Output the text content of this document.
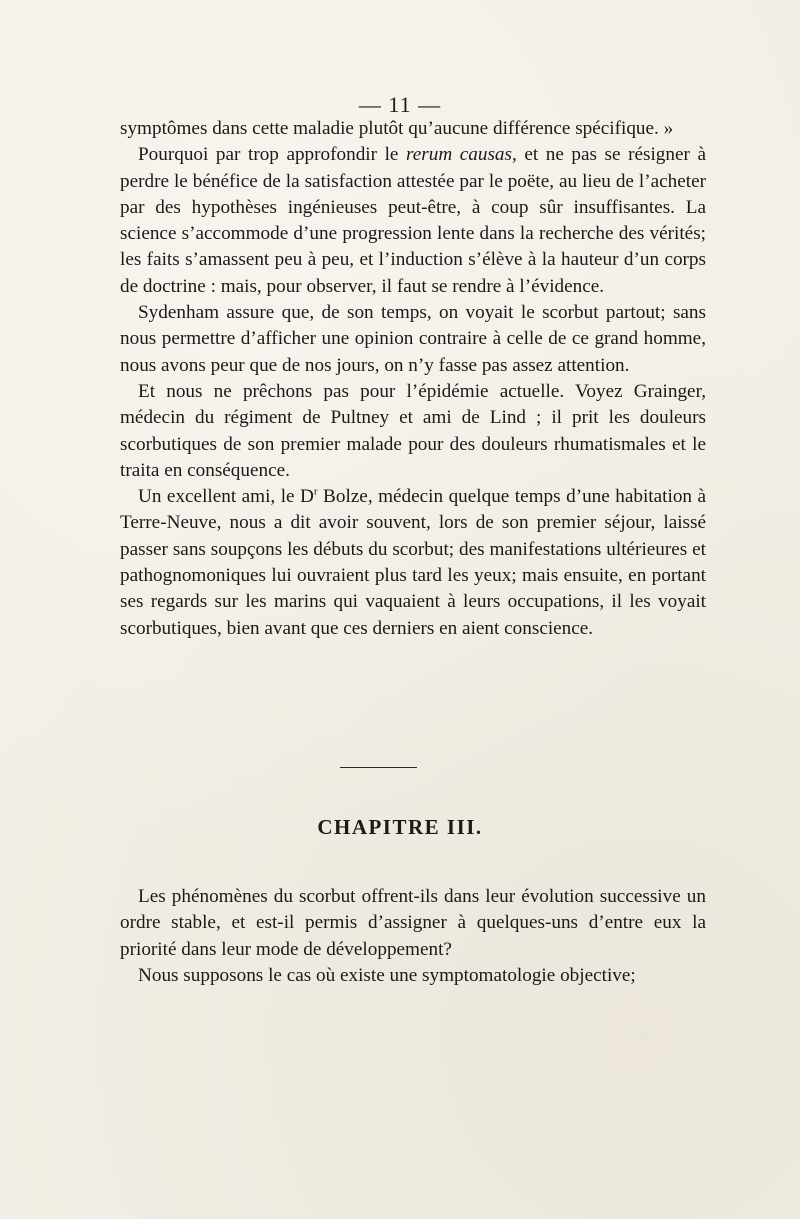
— 11 —

symptômes dans cette maladie plutôt qu’aucune différence spécifique. »

Pourquoi par trop approfondir le rerum causas, et ne pas se résigner à perdre le bénéfice de la satisfaction attestée par le poëte, au lieu de l’acheter par des hypothèses ingénieuses peut-être, à coup sûr insuffisantes. La science s’accommode d’une progression lente dans la recherche des vérités; les faits s’amassent peu à peu, et l’induction s’élève à la hauteur d’un corps de doctrine : mais, pour observer, il faut se rendre à l’évidence.

Sydenham assure que, de son temps, on voyait le scorbut partout; sans nous permettre d’afficher une opinion contraire à celle de ce grand homme, nous avons peur que de nos jours, on n’y fasse pas assez attention.

Et nous ne prêchons pas pour l’épidémie actuelle. Voyez Grainger, médecin du régiment de Pultney et ami de Lind ; il prit les douleurs scorbutiques de son premier malade pour des douleurs rhumatismales et le traita en conséquence.

Un excellent ami, le $D^r$ Bolze, médecin quelque temps d’une habitation à Terre-Neuve, nous a dit avoir souvent, lors de son premier séjour, laissé passer sans soupçons les débuts du scorbut; des manifestations ultérieures et pathognomoniques lui ouvraient plus tard les yeux; mais ensuite, en portant ses regards sur les marins qui vaquaient à leurs occupations, il les voyait scorbutiques, bien avant que ces derniers en aient conscience.

CHAPITRE III.

Les phénomènes du scorbut offrent-ils dans leur évolution successive un ordre stable, et est-il permis d’assigner à quelques-uns d’entre eux la priorité dans leur mode de développement?

Nous supposons le cas où existe une symptomatologie objective;
